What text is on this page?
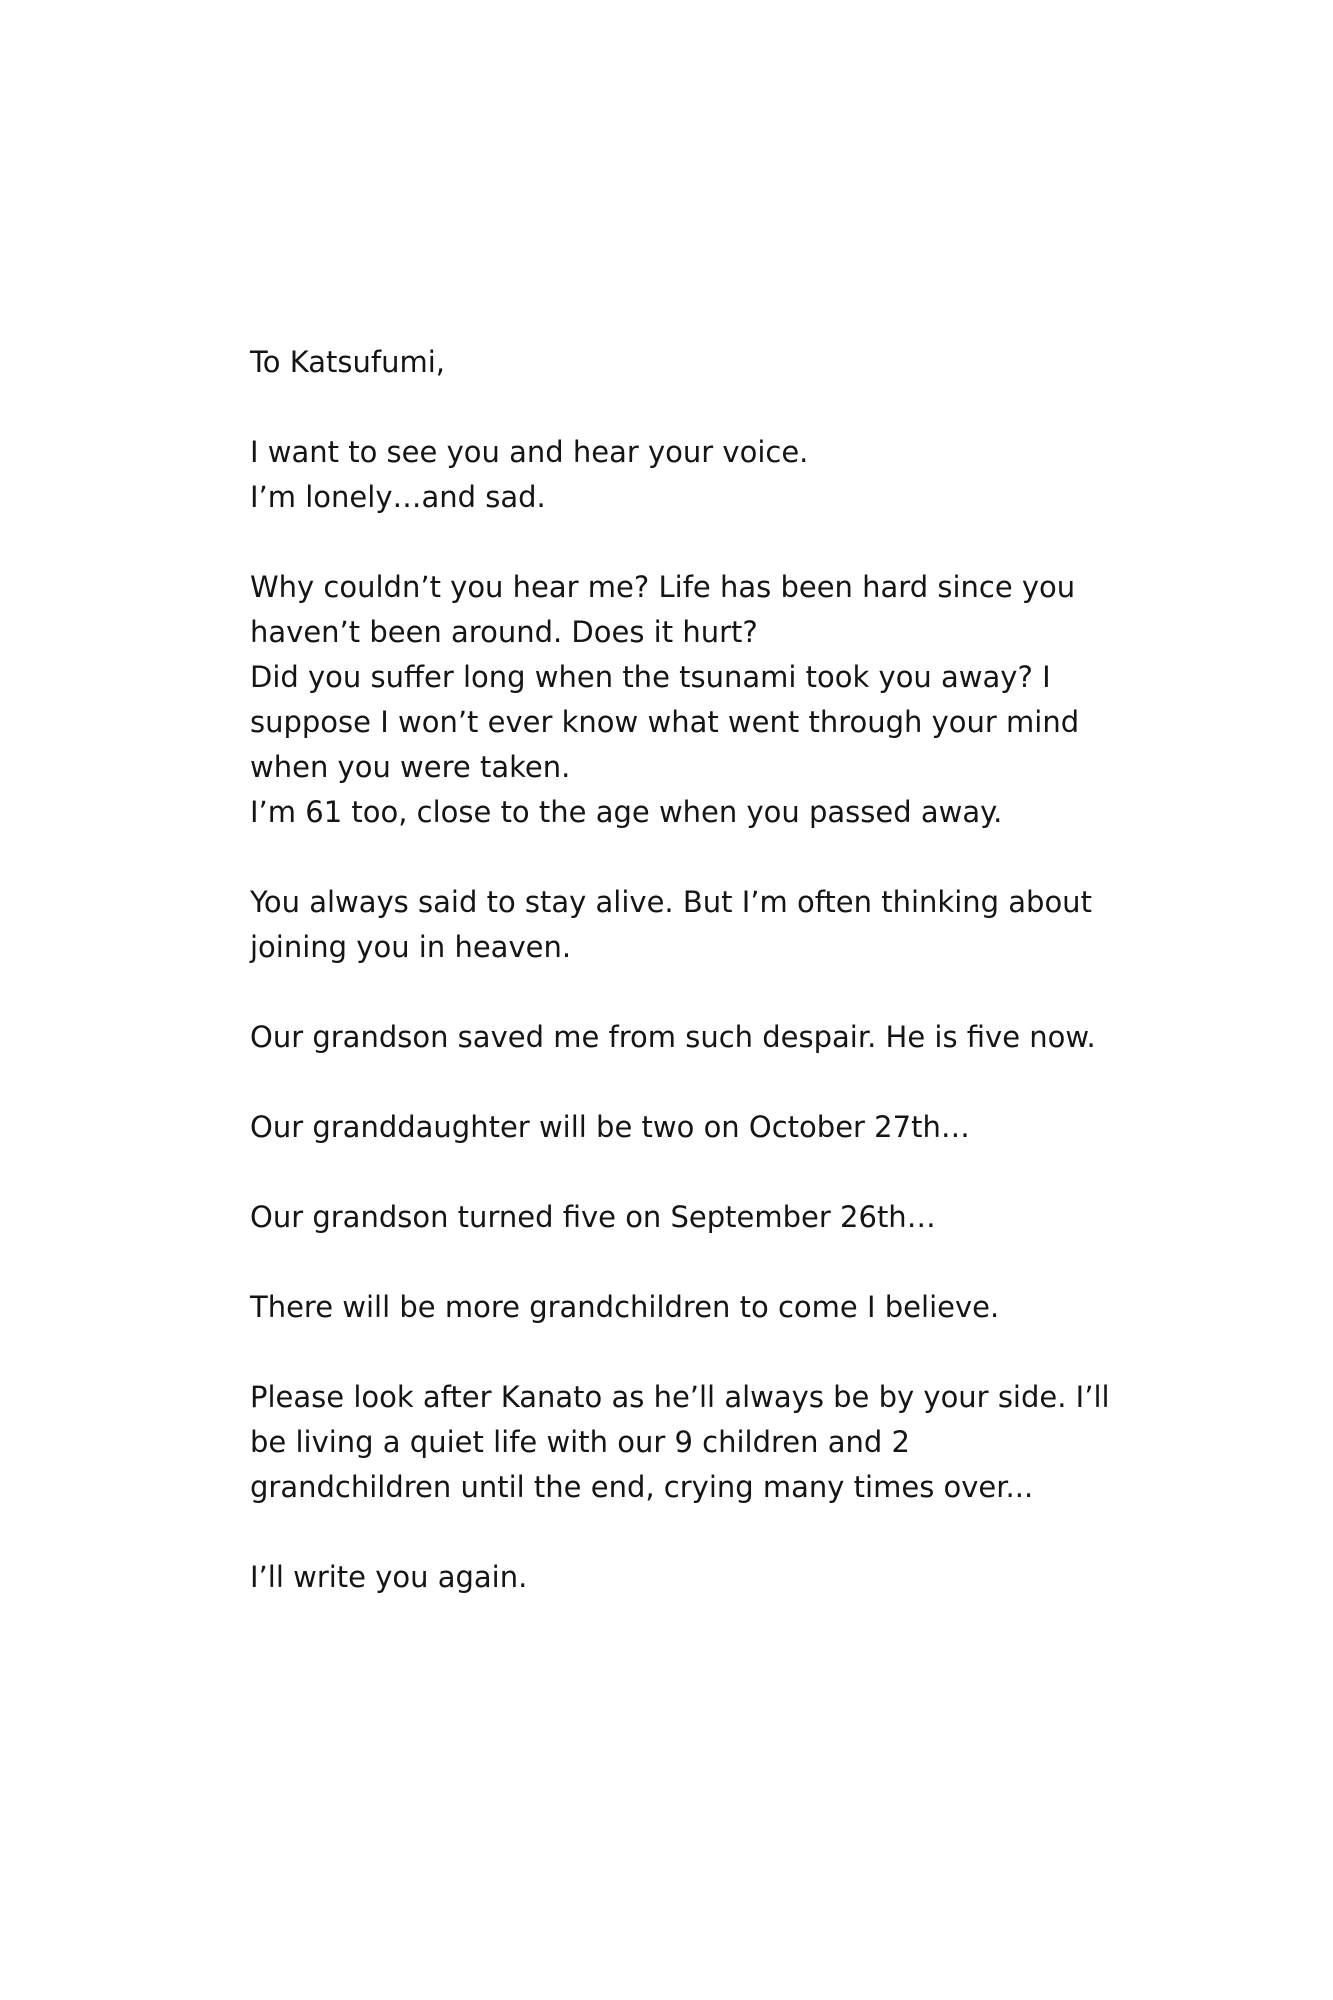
To Katsufumi,
I want to see you and hear your voice.
I’m lonely…and sad.
Why couldn’t you hear me? Life has been hard since you
haven’t been around. Does it hurt?
Did you suffer long when the tsunami took you away? I
suppose I won’t ever know what went through your mind
when you were taken.
I’m 61 too, close to the age when you passed away.
You always said to stay alive. But I’m often thinking about
joining you in heaven.
Our grandson saved me from such despair. He is five now.
Our granddaughter will be two on October 27th…
Our grandson turned five on September 26th…
There will be more grandchildren to come I believe.
Please look after Kanato as he’ll always be by your side. I’ll
be living a quiet life with our 9 children and 2
grandchildren until the end, crying many times over...
I’ll write you again.
